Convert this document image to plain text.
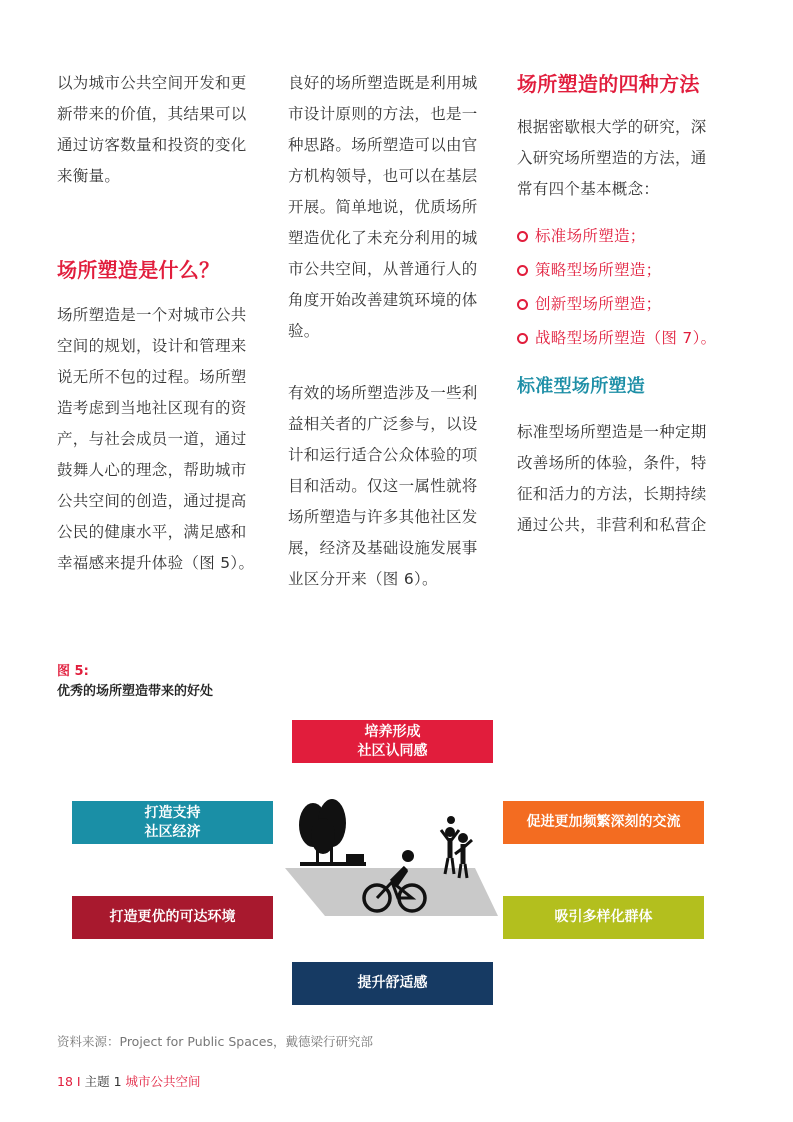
以为城市公共空间开发和更新带来的价值，其结果可以通过访客数量和投资的变化来衡量。

场所塑造是什么？

场所塑造是一个对城市公共空间的规划，设计和管理来说无所不包的过程。场所塑造考虑到当地社区现有的资产，与社会成员一道，通过鼓舞人心的理念，帮助城市公共空间的创造，通过提高公民的健康水平，满足感和幸福感来提升体验（图 5）。

良好的场所塑造既是利用城市设计原则的方法，也是一种思路。场所塑造可以由官方机构领导，也可以在基层开展。简单地说，优质场所塑造优化了未充分利用的城市公共空间，从普通行人的角度开始改善建筑环境的体验。

有效的场所塑造涉及一些利益相关者的广泛参与，以设计和运行适合公众体验的项目和活动。仅这一属性就将场所塑造与许多其他社区发展，经济及基础设施发展事业区分开来（图 6）。

场所塑造的四种方法

根据密歇根大学的研究，深入研究场所塑造的方法，通常有四个基本概念：

标准场所塑造；
策略型场所塑造；
创新型场所塑造；
战略型场所塑造（图 7）。
标准型场所塑造

标准型场所塑造是一种定期改善场所的体验，条件，特征和活力的方法，长期持续通过公共，非营利和私营企

图 5:
优秀的场所塑造带来的好处
培养形成
社区认同感
打造支持
社区经济
促进更加频繁深刻的交流
打造更优的可达环境	吸引多样化群体
提升舒适感
资料来源：Project for Public Spaces，戴德梁行研究部
18 I 主题 1 城市公共空间
